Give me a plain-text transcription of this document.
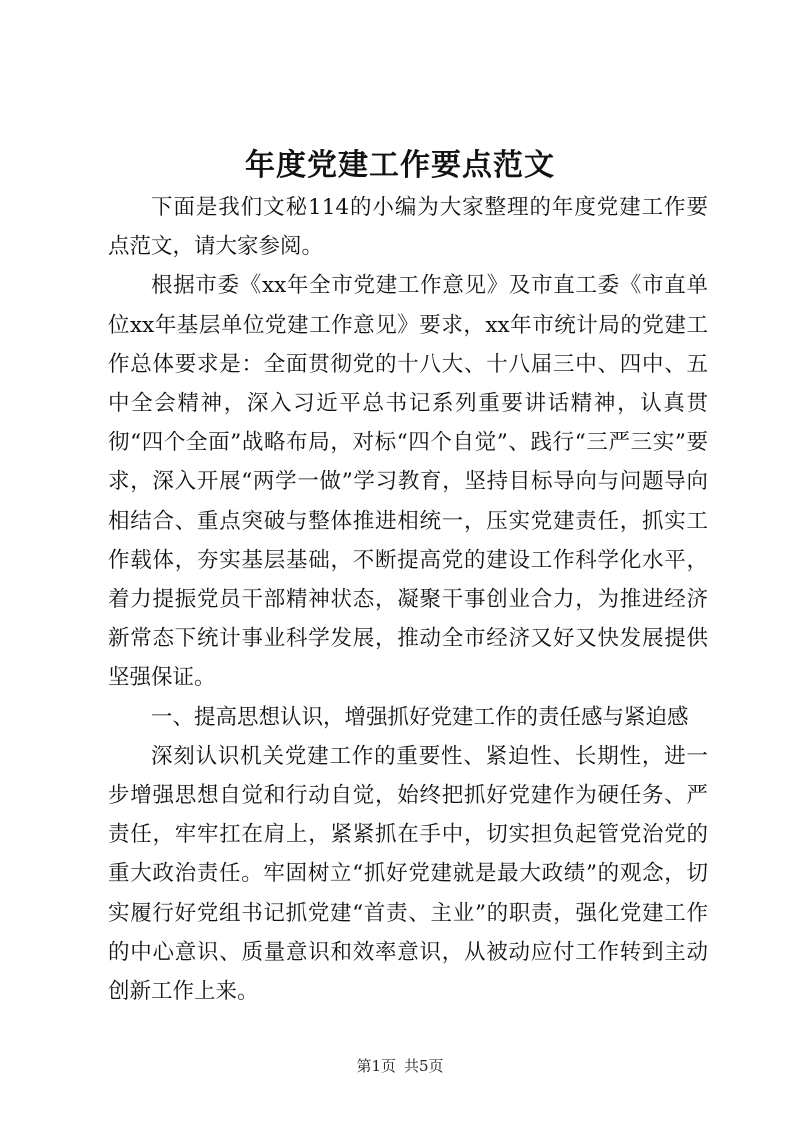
年度党建工作要点范文

下面是我们文秘114的小编为大家整理的年度党建工作要点范文，请大家参阅。

根据市委《xx年全市党建工作意见》及市直工委《市直单位xx年基层单位党建工作意见》要求，xx年市统计局的党建工作总体要求是：全面贯彻党的十八大、十八届三中、四中、五中全会精神，深入习近平总书记系列重要讲话精神，认真贯彻“四个全面”战略布局，对标“四个自觉”、践行“三严三实”要求，深入开展“两学一做”学习教育，坚持目标导向与问题导向相结合、重点突破与整体推进相统一，压实党建责任，抓实工作载体，夯实基层基础，不断提高党的建设工作科学化水平，着力提振党员干部精神状态，凝聚干事创业合力，为推进经济新常态下统计事业科学发展，推动全市经济又好又快发展提供坚强保证。

一、提高思想认识，增强抓好党建工作的责任感与紧迫感

深刻认识机关党建工作的重要性、紧迫性、长期性，进一步增强思想自觉和行动自觉，始终把抓好党建作为硬任务、严责任，牢牢扛在肩上，紧紧抓在手中，切实担负起管党治党的重大政治责任。牢固树立“抓好党建就是最大政绩”的观念，切实履行好党组书记抓党建“首责、主业”的职责，强化党建工作的中心意识、质量意识和效率意识，从被动应付工作转到主动创新工作上来。

第1页 共5页
